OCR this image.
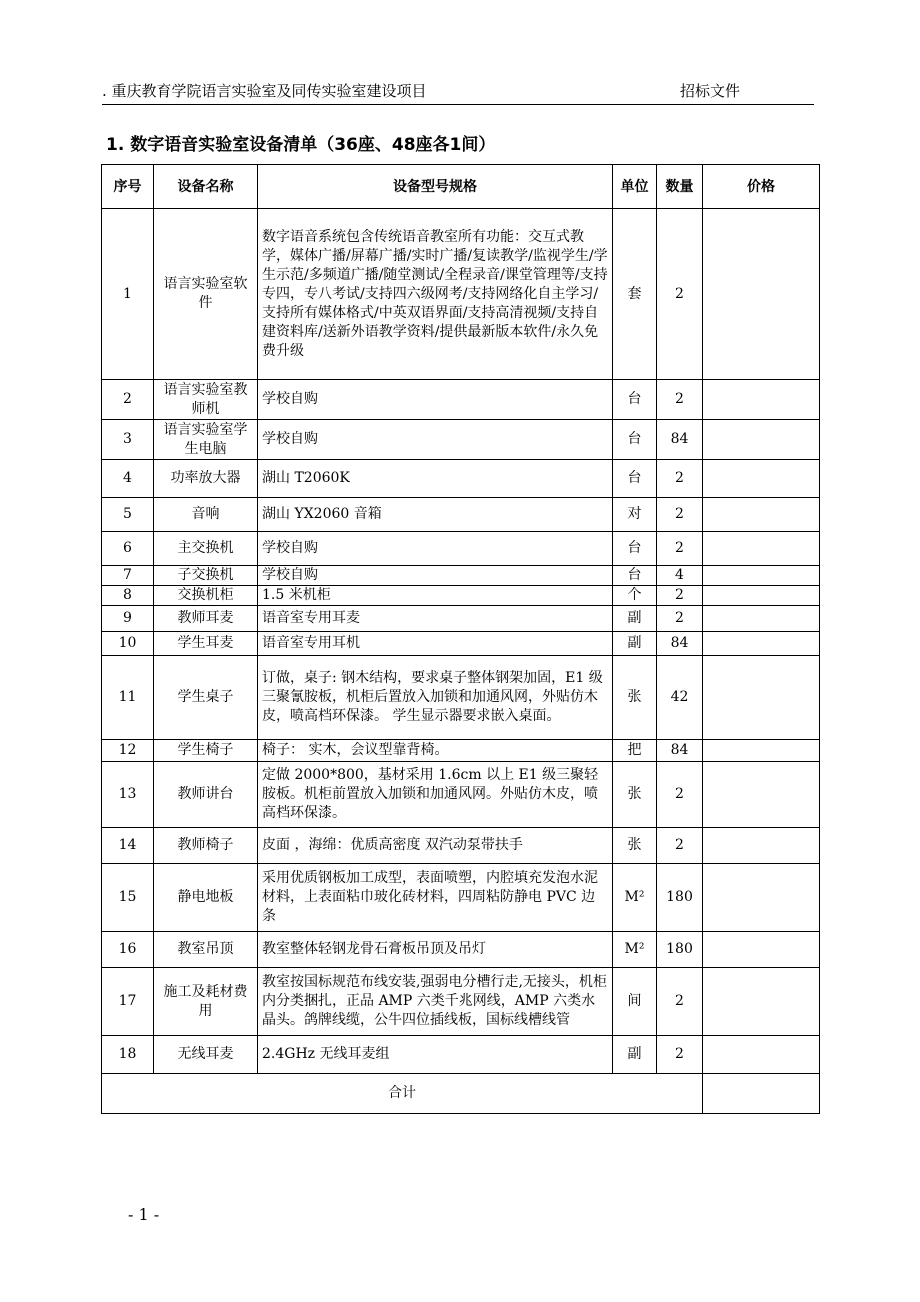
. 重庆教育学院语言实验室及同传实验室建设项目	招标文件
1. 数字语音实验室设备清单（36座、48座各1间）
序号	设备名称	设备型号规格	单位	数量	价格
1	语言实验室软件	数字语音系统包含传统语音教室所有功能：交互式教学，媒体广播/屏幕广播/实时广播/复读教学/监视学生/学生示范/多频道广播/随堂测试/全程录音/课堂管理等/支持专四，专八考试/支持四六级网考/支持网络化自主学习/支持所有媒体格式/中英双语界面/支持高清视频/支持自建资料库/送新外语教学资料/提供最新版本软件/永久免费升级	套	2	
2	语言实验室教师机	学校自购	台	2	
3	语言实验室学生电脑	学校自购	台	84	
4	功率放大器	湖山 T2060K	台	2	
5	音响	湖山 YX2060 音箱	对	2	
6	主交换机	学校自购	台	2	
7	子交换机	学校自购	台	4	
8	交换机柜	1.5 米机柜	个	2	
9	教师耳麦	语音室专用耳麦	副	2	
10	学生耳麦	语音室专用耳机	副	84	
11	学生桌子	订做，桌子: 钢木结构，要求桌子整体钢架加固，E1 级三聚氰胺板，机柜后置放入加锁和加通风网，外贴仿木皮，喷高档环保漆。 学生显示器要求嵌入桌面。	张	42	
12	学生椅子	椅子： 实木，会议型靠背椅。	把	84	
13	教师讲台	定做 2000*800，基材采用 1.6cm 以上 E1 级三聚轻胺板。机柜前置放入加锁和加通风网。外贴仿木皮，喷高档环保漆。	张	2	
14	教师椅子	皮面 ，海绵：优质高密度 双汽动泵带扶手	张	2	
15	静电地板	采用优质钢板加工成型，表面喷塑，内腔填充发泡水泥材料，上表面粘巾玻化砖材料，四周粘防静电 PVC 边条	M²	180	
16	教室吊顶	教室整体轻钢龙骨石膏板吊顶及吊灯	M²	180	
17	施工及耗材费用	教室按国标规范布线安装,强弱电分槽行走,无接头，机柜内分类捆扎，正品 AMP 六类千兆网线，AMP 六类水晶头。鸽牌线缆，公牛四位插线板，国标线槽线管	间	2	
18	无线耳麦	2.4GHz 无线耳麦组	副	2	
合计					
- 1 -
